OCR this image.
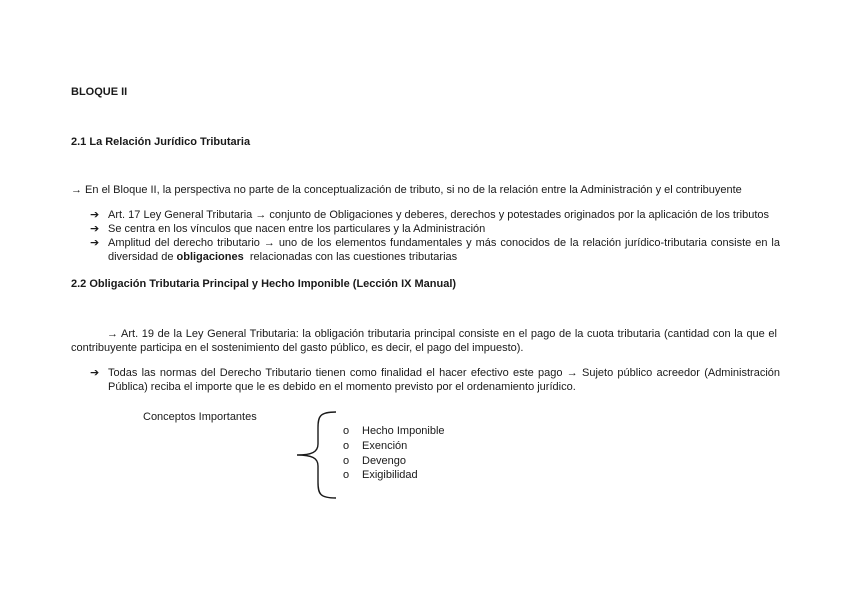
BLOQUE II
2.1 La Relación Jurídico Tributaria
→ En el Bloque II, la perspectiva no parte de la conceptualización de tributo, si no de la relación entre la Administración y el contribuyente
➔ Art. 17 Ley General Tributaria → conjunto de Obligaciones y deberes, derechos y potestades originados por la aplicación de los tributos
➔ Se centra en los vínculos que nacen entre los particulares y la Administración
➔ Amplitud del derecho tributario → uno de los elementos fundamentales y más conocidos de la relación jurídico-tributaria consiste en la diversidad de obligaciones  relacionadas con las cuestiones tributarias
2.2 Obligación Tributaria Principal y Hecho Imponible (Lección IX Manual)
→ Art. 19 de la Ley General Tributaria: la obligación tributaria principal consiste en el pago de la cuota tributaria (cantidad con la que el contribuyente participa en el sostenimiento del gasto público, es decir, el pago del impuesto).
➔ Todas las normas del Derecho Tributario tienen como finalidad el hacer efectivo este pago → Sujeto público acreedor (Administración Pública) reciba el importe que le es debido en el momento previsto por el ordenamiento jurídico.
Conceptos Importantes
o Hecho Imponible
o Exención
o Devengo
o Exigibilidad
